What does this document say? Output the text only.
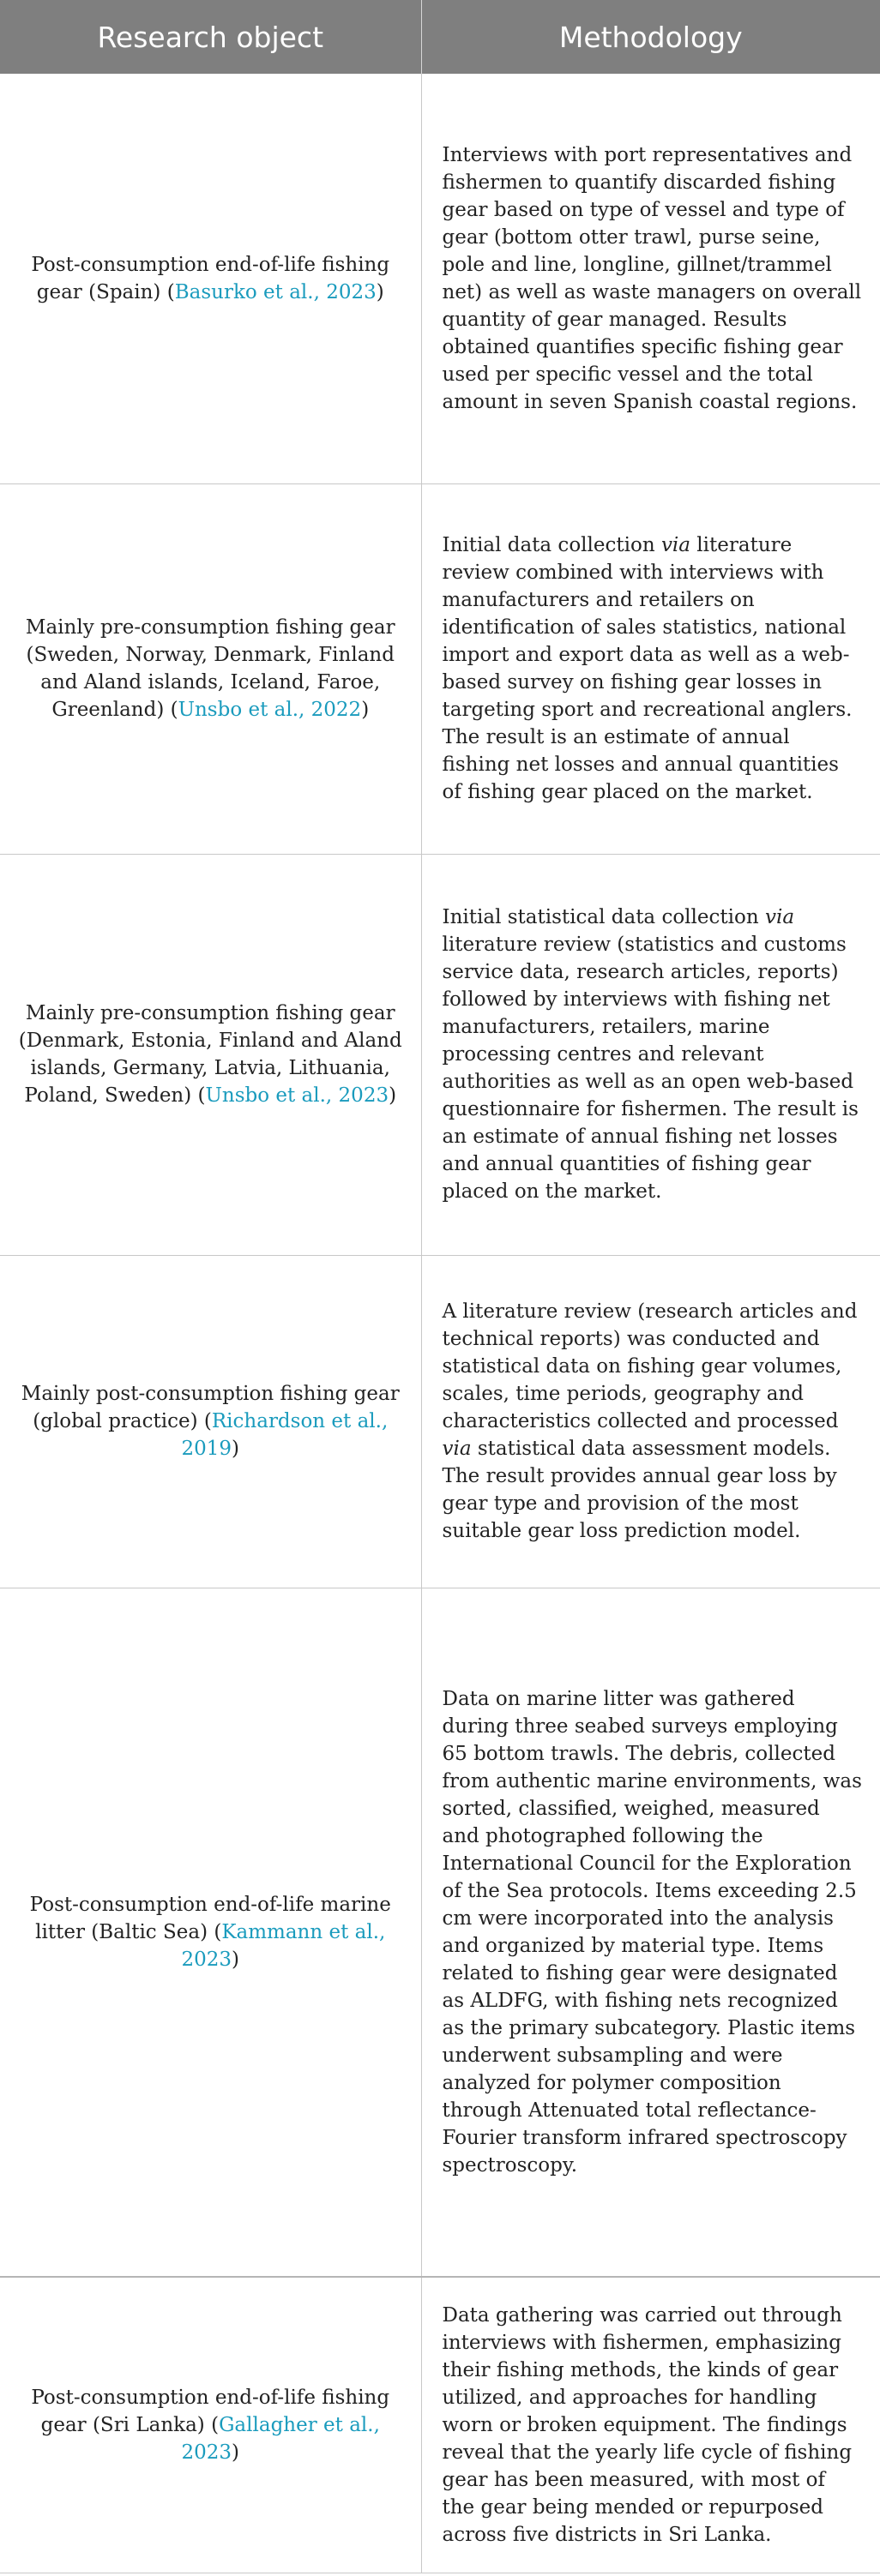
Research object	Methodology
Post-consumption end-of-life fishing gear (Spain) (Basurko et al., 2023)	Interviews with port representatives and fishermen to quantify discarded fishing gear based on type of vessel and type of gear (bottom otter trawl, purse seine, pole and line, longline, gillnet/trammel net) as well as waste managers on overall quantity of gear managed. Results obtained quantifies specific fishing gear used per specific vessel and the total amount in seven Spanish coastal regions.
Mainly pre-consumption fishing gear (Sweden, Norway, Denmark, Finland and Aland islands, Iceland, Faroe, Greenland) (Unsbo et al., 2022)	Initial data collection via literature review combined with interviews with manufacturers and retailers on identification of sales statistics, national import and export data as well as a web-based survey on fishing gear losses in targeting sport and recreational anglers. The result is an estimate of annual fishing net losses and annual quantities of fishing gear placed on the market.
Mainly pre-consumption fishing gear (Denmark, Estonia, Finland and Aland islands, Germany, Latvia, Lithuania, Poland, Sweden) (Unsbo et al., 2023)	Initial statistical data collection via literature review (statistics and customs service data, research articles, reports) followed by interviews with fishing net manufacturers, retailers, marine processing centres and relevant authorities as well as an open web-based questionnaire for fishermen. The result is an estimate of annual fishing net losses and annual quantities of fishing gear placed on the market.
Mainly post-consumption fishing gear (global practice) (Richardson et al., 2019)	A literature review (research articles and technical reports) was conducted and statistical data on fishing gear volumes, scales, time periods, geography and characteristics collected and processed via statistical data assessment models. The result provides annual gear loss by gear type and provision of the most suitable gear loss prediction model.
Post-consumption end-of-life marine litter (Baltic Sea) (Kammann et al., 2023)	Data on marine litter was gathered during three seabed surveys employing 65 bottom trawls. The debris, collected from authentic marine environments, was sorted, classified, weighed, measured and photographed following the International Council for the Exploration of the Sea protocols. Items exceeding 2.5 cm were incorporated into the analysis and organized by material type. Items related to fishing gear were designated as ALDFG, with fishing nets recognized as the primary subcategory. Plastic items underwent subsampling and were analyzed for polymer composition through Attenuated total reflectance-Fourier transform infrared spectroscopy spectroscopy.
Post-consumption end-of-life fishing gear (Sri Lanka) (Gallagher et al., 2023)	Data gathering was carried out through interviews with fishermen, emphasizing their fishing methods, the kinds of gear utilized, and approaches for handling worn or broken equipment. The findings reveal that the yearly life cycle of fishing gear has been measured, with most of the gear being mended or repurposed across five districts in Sri Lanka.
